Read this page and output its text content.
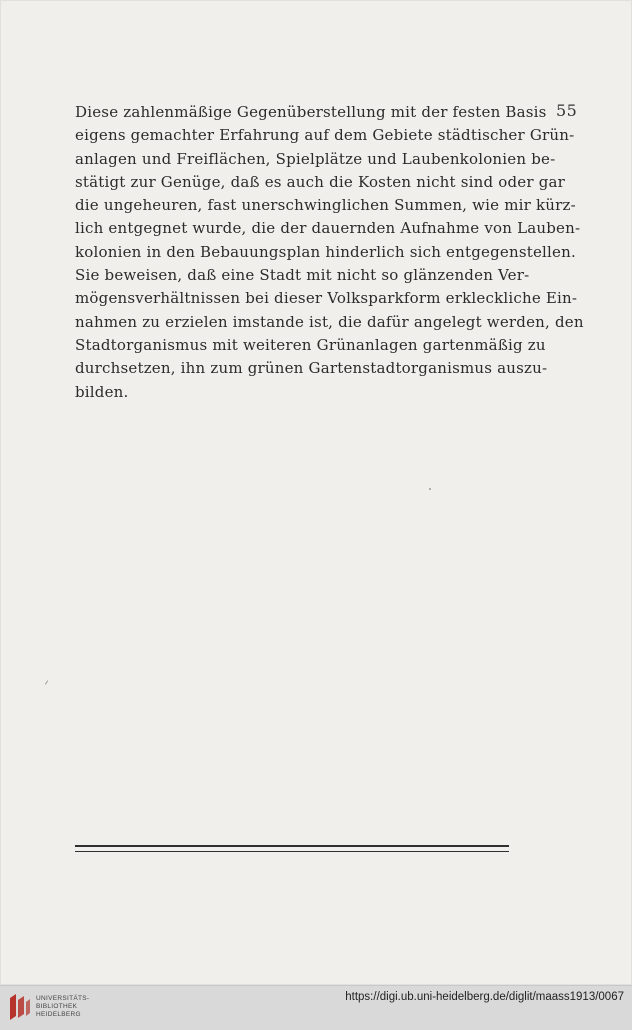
55
Diese zahlenmäßige Gegenüberstellung mit der festen Basis
eigens gemachter Erfahrung auf dem Gebiete städtischer Grün-
anlagen und Freiflächen, Spielplätze und Laubenkolonien be-
stätigt zur Genüge, daß es auch die Kosten nicht sind oder gar
die ungeheuren, fast unerschwinglichen Summen, wie mir kürz-
lich entgegnet wurde, die der dauernden Aufnahme von Lauben-
kolonien in den Bebauungsplan hinderlich sich entgegenstellen.
Sie beweisen, daß eine Stadt mit nicht so glänzenden Ver-
mögensverhältnissen bei dieser Volksparkform erkleckliche Ein-
nahmen zu erzielen imstande ist, die dafür angelegt werden, den
Stadtorganismus mit weiteren Grünanlagen gartenmäßig zu
durchsetzen, ihn zum grünen Gartenstadtorganismus auszu-
bilden.
UNIVERSITÄTS-
BIBLIOTHEK
HEIDELBERG
https://digi.ub.uni-heidelberg.de/diglit/maass1913/0067
